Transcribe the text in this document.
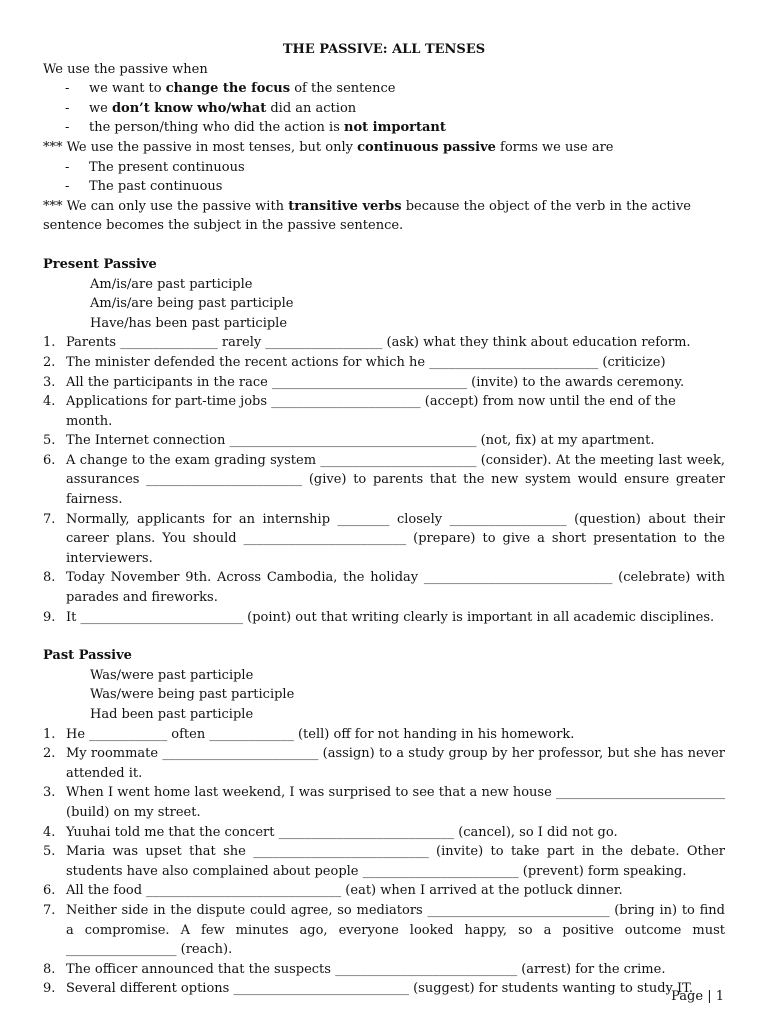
THE PASSIVE: ALL TENSES
We use the passive when
-	we want to change the focus of the sentence
-	we don’t know who/what did an action
-	the person/thing who did the action is not important
*** We use the passive in most tenses, but only continuous passive forms we use are
-	The present continuous
-	The past continuous
*** We can only use the passive with transitive verbs because the object of the verb in the active sentence becomes the subject in the passive sentence.
Present Passive
Am/is/are past participle
Am/is/are being past participle
Have/has been past participle
1. Parents _______________ rarely __________________ (ask) what they think about education reform.
2. The minister defended the recent actions for which he __________________________ (criticize)
3. All the participants in the race ______________________________ (invite) to the awards ceremony.
4. Applications for part-time jobs _______________________ (accept) from now until the end of the month.
5. The Internet connection ______________________________________ (not, fix) at my apartment.
6. A change to the exam grading system ________________________ (consider). At the meeting last week, assurances ________________________ (give) to parents that the new system would ensure greater fairness.
7. Normally, applicants for an internship ________ closely __________________ (question) about their career plans. You should _________________________ (prepare) to give a short presentation to the interviewers.
8. Today November 9th. Across Cambodia, the holiday _____________________________ (celebrate) with parades and fireworks.
9. It _________________________ (point) out that writing clearly is important in all academic disciplines.
Past Passive
Was/were past participle
Was/were being past participle
Had been past participle
1. He ____________ often _____________ (tell) off for not handing in his homework.
2. My roommate ________________________ (assign) to a study group by her professor, but she has never attended it.
3. When I went home last weekend, I was surprised to see that a new house __________________________ (build) on my street.
4. Yuuhai told me that the concert ___________________________ (cancel), so I did not go.
5. Maria was upset that she ___________________________ (invite) to take part in the debate. Other students have also complained about people ________________________ (prevent) form speaking.
6. All the food ______________________________ (eat) when I arrived at the potluck dinner.
7. Neither side in the dispute could agree, so mediators ____________________________ (bring in) to find a compromise. A few minutes ago, everyone looked happy, so a positive outcome must _________________ (reach).
8. The officer announced that the suspects ____________________________ (arrest) for the crime.
9. Several different options ___________________________ (suggest) for students wanting to study IT.
Page | 1
